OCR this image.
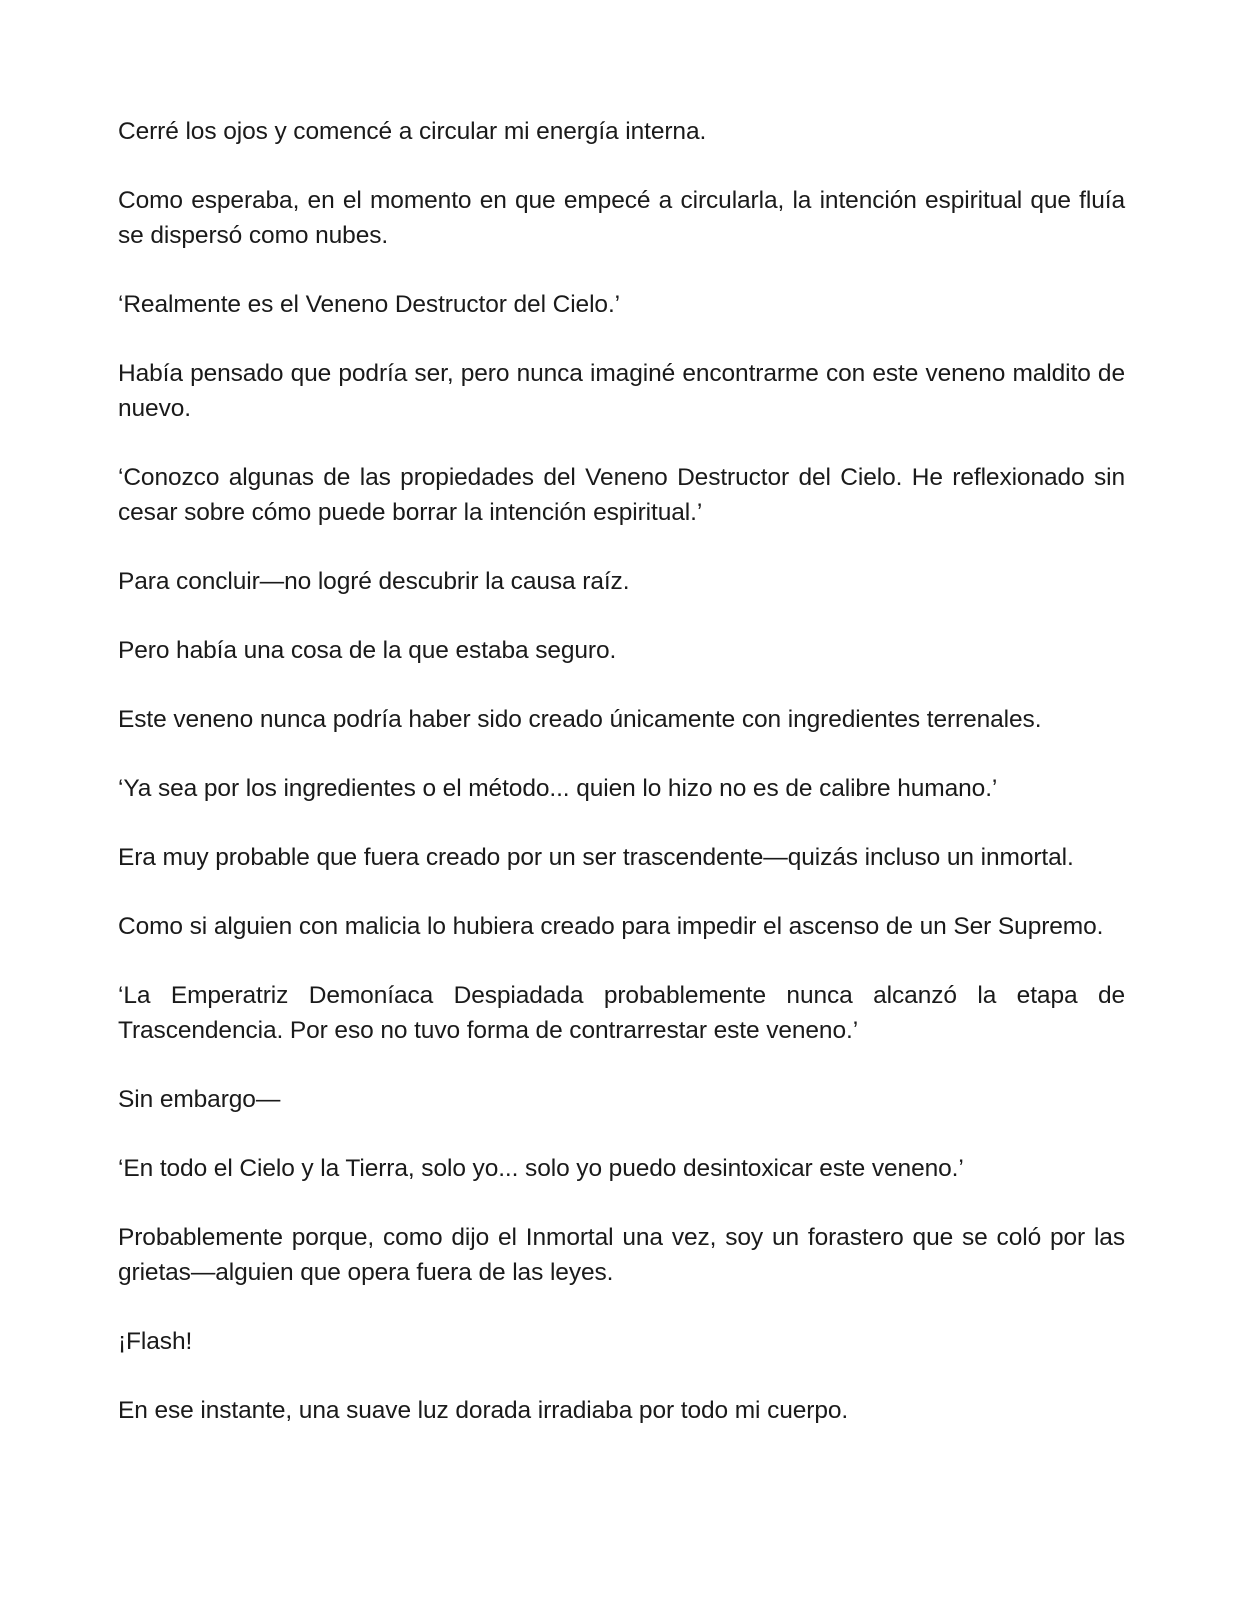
Cerré los ojos y comencé a circular mi energía interna.

Como esperaba, en el momento en que empecé a circularla, la intención espiritual que fluía se dispersó como nubes.

‘Realmente es el Veneno Destructor del Cielo.’

Había pensado que podría ser, pero nunca imaginé encontrarme con este veneno maldito de nuevo.

‘Conozco algunas de las propiedades del Veneno Destructor del Cielo. He reflexionado sin cesar sobre cómo puede borrar la intención espiritual.’

Para concluir—no logré descubrir la causa raíz.

Pero había una cosa de la que estaba seguro.

Este veneno nunca podría haber sido creado únicamente con ingredientes terrenales.

‘Ya sea por los ingredientes o el método... quien lo hizo no es de calibre humano.’

Era muy probable que fuera creado por un ser trascendente—quizás incluso un inmortal.

Como si alguien con malicia lo hubiera creado para impedir el ascenso de un Ser Supremo.

‘La Emperatriz Demoníaca Despiadada probablemente nunca alcanzó la etapa de Trascendencia. Por eso no tuvo forma de contrarrestar este veneno.’

Sin embargo—

‘En todo el Cielo y la Tierra, solo yo... solo yo puedo desintoxicar este veneno.’

Probablemente porque, como dijo el Inmortal una vez, soy un forastero que se coló por las grietas—alguien que opera fuera de las leyes.

¡Flash!

En ese instante, una suave luz dorada irradiaba por todo mi cuerpo.
